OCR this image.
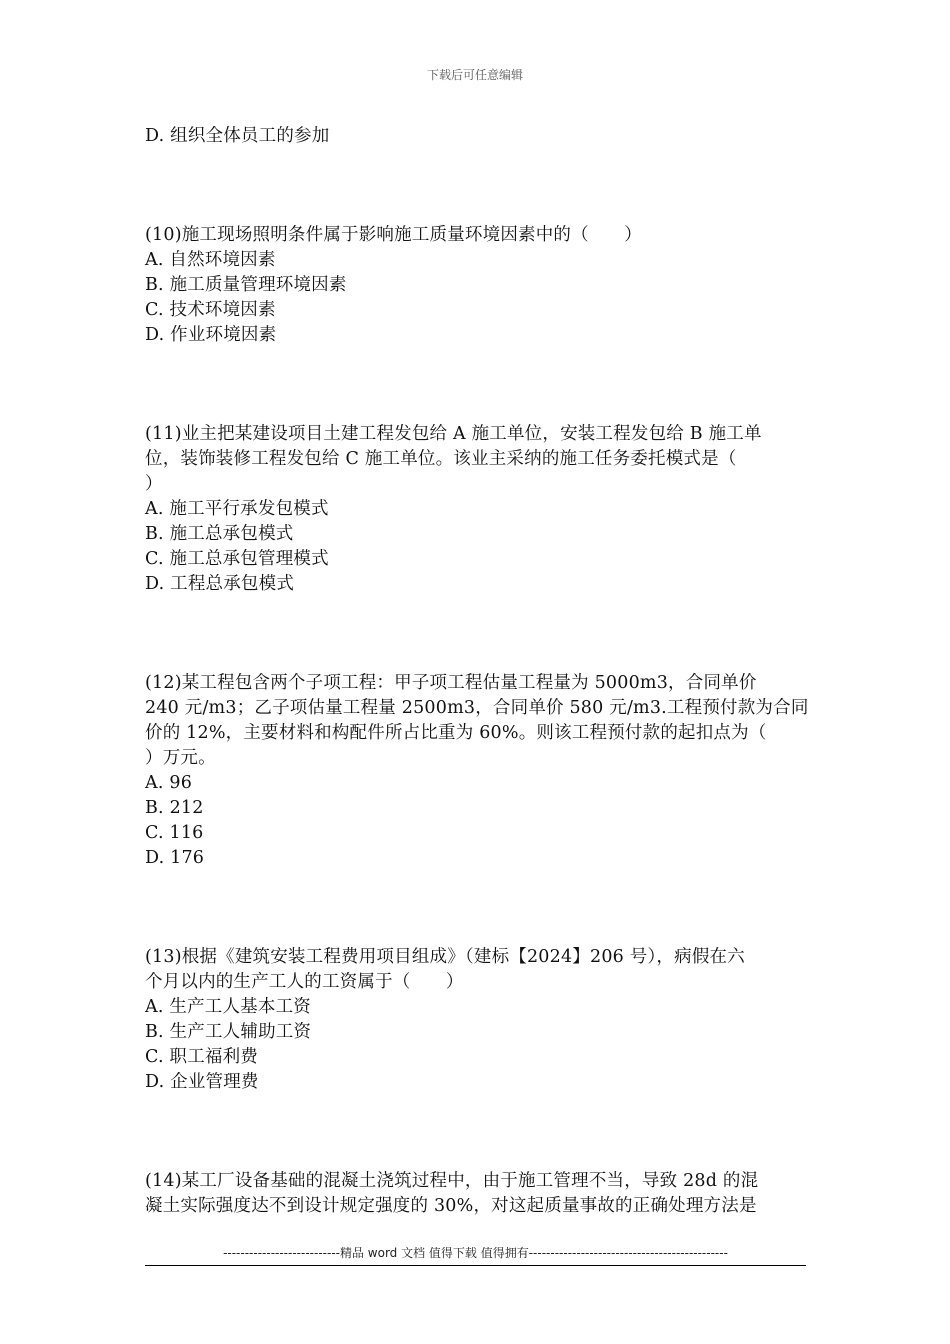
下载后可任意编辑
D. 组织全体员工的参加
(10)施工现场照明条件属于影响施工质量环境因素中的（　　）
A. 自然环境因素
B. 施工质量管理环境因素
C. 技术环境因素
D. 作业环境因素
(11)业主把某建设项目土建工程发包给 A 施工单位，安装工程发包给 B 施工单
位，装饰装修工程发包给 C 施工单位。该业主采纳的施工任务委托模式是（
）
A. 施工平行承发包模式
B. 施工总承包模式
C. 施工总承包管理模式
D. 工程总承包模式
(12)某工程包含两个子项工程：甲子项工程估量工程量为 5000m3，合同单价
240 元/m3；乙子项估量工程量 2500m3，合同单价 580 元/m3.工程预付款为合同
价的 12%，主要材料和构配件所占比重为 60%。则该工程预付款的起扣点为（
）万元。
A. 96
B. 212
C. 116
D. 176
(13)根据《建筑安装工程费用项目组成》（建标【2024】206 号），病假在六
个月以内的生产工人的工资属于（　　）
A. 生产工人基本工资
B. 生产工人辅助工资
C. 职工福利费
D. 企业管理费
(14)某工厂设备基础的混凝土浇筑过程中，由于施工管理不当，导致 28d 的混
凝土实际强度达不到设计规定强度的 30%，对这起质量事故的正确处理方法是
---------------------------精品 word 文档 值得下载 值得拥有----------------------------------------------
